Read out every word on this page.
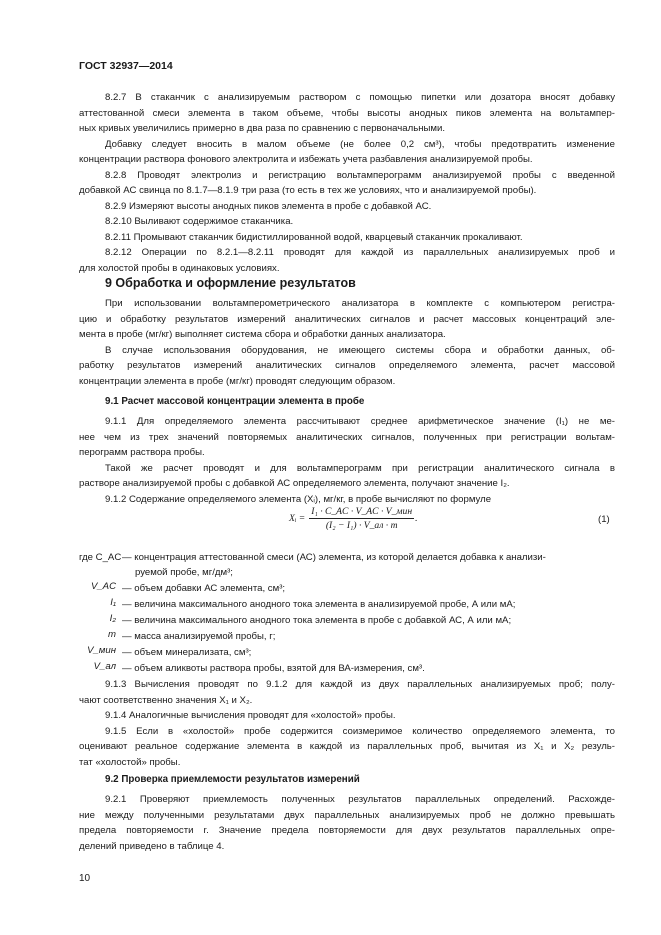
ГОСТ 32937—2014
8.2.7 В стаканчик с анализируемым раствором с помощью пипетки или дозатора вносят добавку
аттестованной смеси элемента в таком объеме, чтобы высоты анодных пиков элемента на вольтампер-
ных кривых увеличились примерно в два раза по сравнению с первоначальными.
Добавку следует вносить в малом объеме (не более 0,2 см³), чтобы предотвратить изменение
концентрации раствора фонового электролита и избежать учета разбавления анализируемой пробы.
8.2.8 Проводят электролиз и регистрацию вольтамперограмм анализируемой пробы с введенной
добавкой АС свинца по 8.1.7—8.1.9 три раза (то есть в тех же условиях, что и анализируемой пробы).
8.2.9 Измеряют высоты анодных пиков элемента в пробе с добавкой АС.
8.2.10 Выливают содержимое стаканчика.
8.2.11 Промывают стаканчик бидистиллированной водой, кварцевый стаканчик прокаливают.
8.2.12 Операции по 8.2.1—8.2.11 проводят для каждой из параллельных анализируемых проб и
для холостой пробы в одинаковых условиях.
9 Обработка и оформление результатов
При использовании вольтамперометрического анализатора в комплекте с компьютером регистра-
цию и обработку результатов измерений аналитических сигналов и расчет массовых концентраций эле-
мента в пробе (мг/кг) выполняет система сбора и обработки данных анализатора.
В случае использования оборудования, не имеющего системы сбора и обработки данных, об-
работку результатов измерений аналитических сигналов определяемого элемента, расчет массовой
концентрации элемента в пробе (мг/кг) проводят следующим образом.
9.1 Расчет массовой концентрации элемента в пробе
9.1.1 Для определяемого элемента рассчитывают среднее арифметическое значение (I₁) не ме-
нее чем из трех значений повторяемых аналитических сигналов, полученных при регистрации вольтам-
перограмм раствора пробы.
Такой же расчет проводят и для вольтамперограмм при регистрации аналитического сигнала в
растворе анализируемой пробы с добавкой АС определяемого элемента, получают значение I₂.
9.1.2 Содержание определяемого элемента (Xᵢ), мг/кг, в пробе вычисляют по формуле
Xᵢ =	I₁ · C_AC · V_AC · V_мин	.
(I₂ − I₁) · V_ал · m
(1)
где C_AC — концентрация аттестованной смеси (АС) элемента, из которой делается добавка к анализи-
руемой пробе, мг/дм³;
V_AC — объем добавки АС элемента, см³;
I₁ — величина максимального анодного тока элемента в анализируемой пробе, А или мА;
I₂ — величина максимального анодного тока элемента в пробе с добавкой АС, А или мА;
m — масса анализируемой пробы, г;
V_мин — объем минерализата, см³;
V_ал — объем аликвоты раствора пробы, взятой для ВА-измерения, см³.
9.1.3 Вычисления проводят по 9.1.2 для каждой из двух параллельных анализируемых проб; полу-
чают соответственно значения X₁ и X₂.
9.1.4 Аналогичные вычисления проводят для «холостой» пробы.
9.1.5 Если в «холостой» пробе содержится соизмеримое количество определяемого элемента, то
оценивают реальное содержание элемента в каждой из параллельных проб, вычитая из X₁ и X₂ резуль-
тат «холостой» пробы.
9.2 Проверка приемлемости результатов измерений
9.2.1 Проверяют приемлемость полученных результатов параллельных определений. Расхожде-
ние между полученными результатами двух параллельных анализируемых проб не должно превышать
предела повторяемости r. Значение предела повторяемости для двух результатов параллельных опре-
делений приведено в таблице 4.
10
